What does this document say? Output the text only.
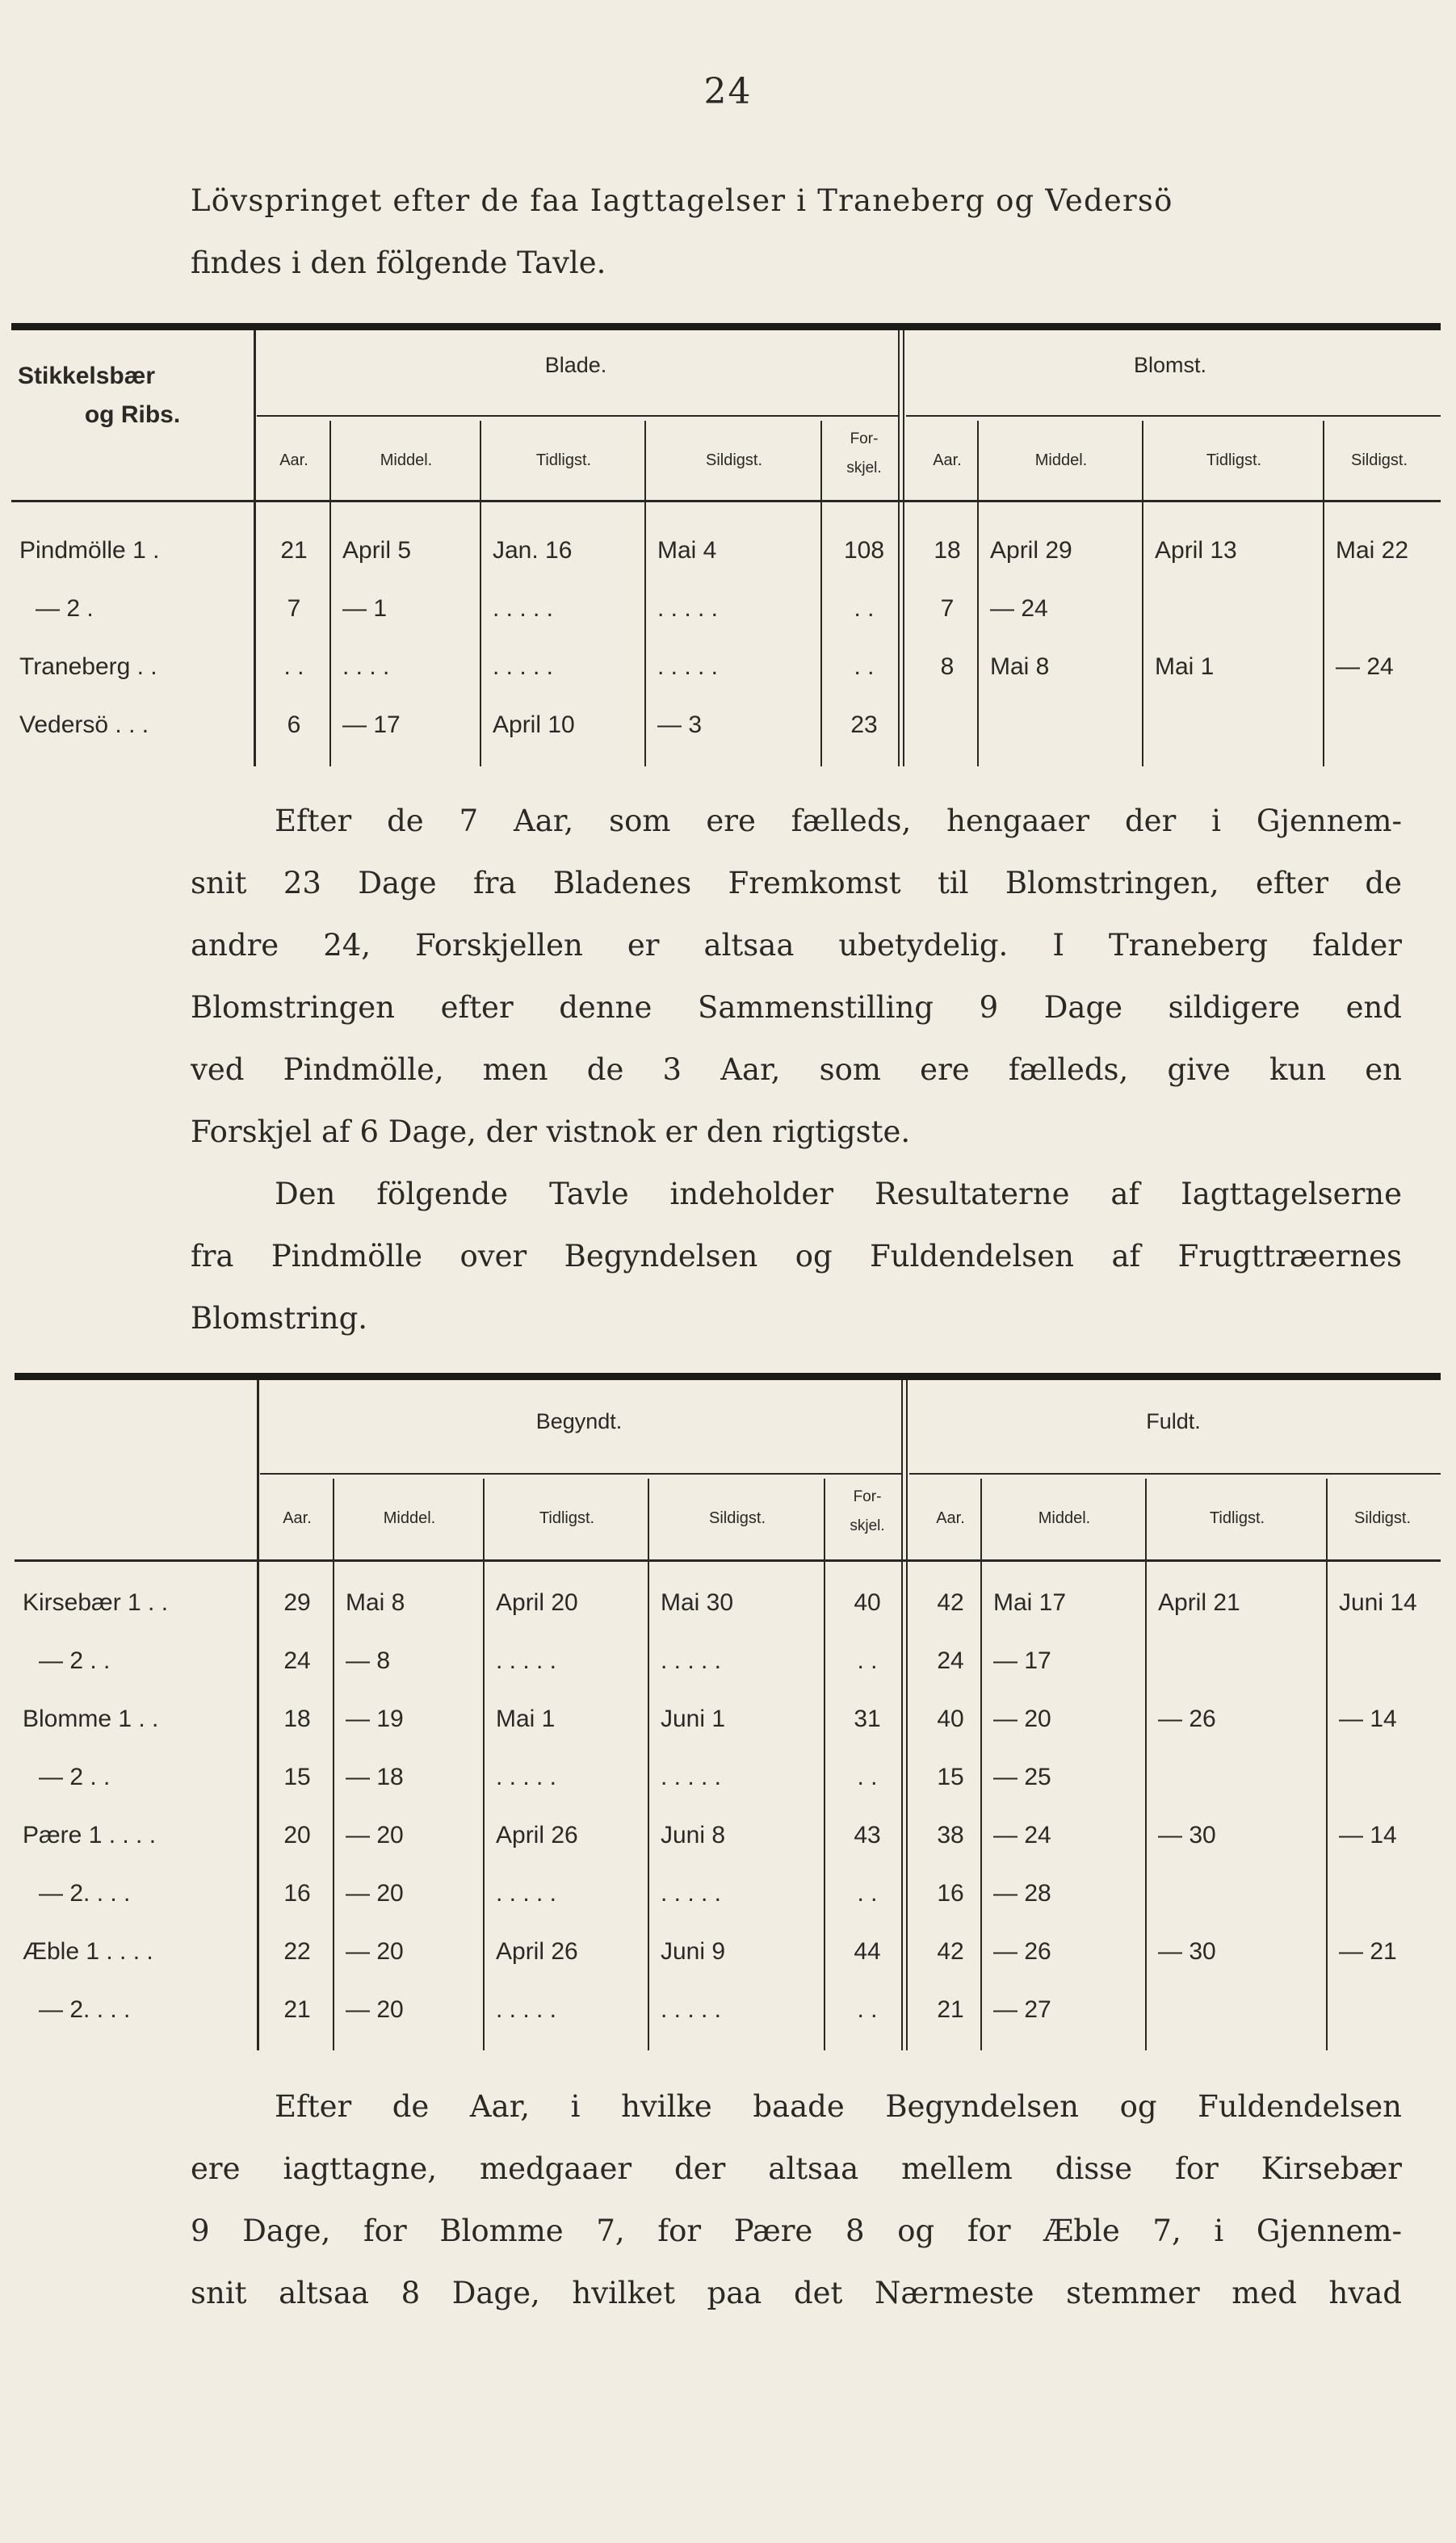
24
Lövspringet efter de faa Iagttagelser i Traneberg og Vedersö
findes i den fölgende Tavle.
Stikkelsbær
og Ribs.
Blade.	Blomst.
Aar.	Middel.	Tidligst.	Sildigst.
For-
skjel.	Aar.	Middel.	Tidligst.	Sildigst.
Pindmölle 1 .	21	April 5	Jan. 16	Mai 4	108	18	April 29	April 13	Mai 22
— 2 .	7	— 1	. . . . .	. . . . .	. .	7	— 24
Traneberg . .	. .	. . . .	. . . . .	. . . . .	. .	8	Mai 8	Mai 1	— 24
Vedersö . . .	6	— 17	April 10	— 3	23
Efter de 7 Aar, som ere fælleds, hengaaer der i Gjennem-
snit 23 Dage fra Bladenes Fremkomst til Blomstringen, efter de
andre 24, Forskjellen er altsaa ubetydelig. I Traneberg falder
Blomstringen efter denne Sammenstilling 9 Dage sildigere end
ved Pindmölle, men de 3 Aar, som ere fælleds, give kun en
Forskjel af 6 Dage, der vistnok er den rigtigste.
Den fölgende Tavle indeholder Resultaterne af Iagttagelserne
fra Pindmölle over Begyndelsen og Fuldendelsen af Frugttræernes
Blomstring.
Begyndt.	Fuldt.
Aar.	Middel.	Tidligst.	Sildigst.
For-
skjel.	Aar.	Middel.	Tidligst.	Sildigst.
Kirsebær 1 . .	29	Mai 8	April 20	Mai 30	40	42	Mai 17	April 21	Juni 14
— 2 . .	24	— 8	. . . . .	. . . . .	. .	24	— 17
Blomme 1 . .	18	— 19	Mai 1	Juni 1	31	40	— 20	— 26	— 14
— 2 . .	15	— 18	. . . . .	. . . . .	. .	15	— 25
Pære 1 . . . .	20	— 20	April 26	Juni 8	43	38	— 24	— 30	— 14
— 2. . . .	16	— 20	. . . . .	. . . . .	. .	16	— 28
Æble 1 . . . .	22	— 20	April 26	Juni 9	44	42	— 26	— 30	— 21
— 2. . . .	21	— 20	. . . . .	. . . . .	. .	21	— 27
Efter de Aar, i hvilke baade Begyndelsen og Fuldendelsen
ere iagttagne, medgaaer der altsaa mellem disse for Kirsebær
9 Dage, for Blomme 7, for Pære 8 og for Æble 7, i Gjennem-
snit altsaa 8 Dage, hvilket paa det Nærmeste stemmer med hvad
